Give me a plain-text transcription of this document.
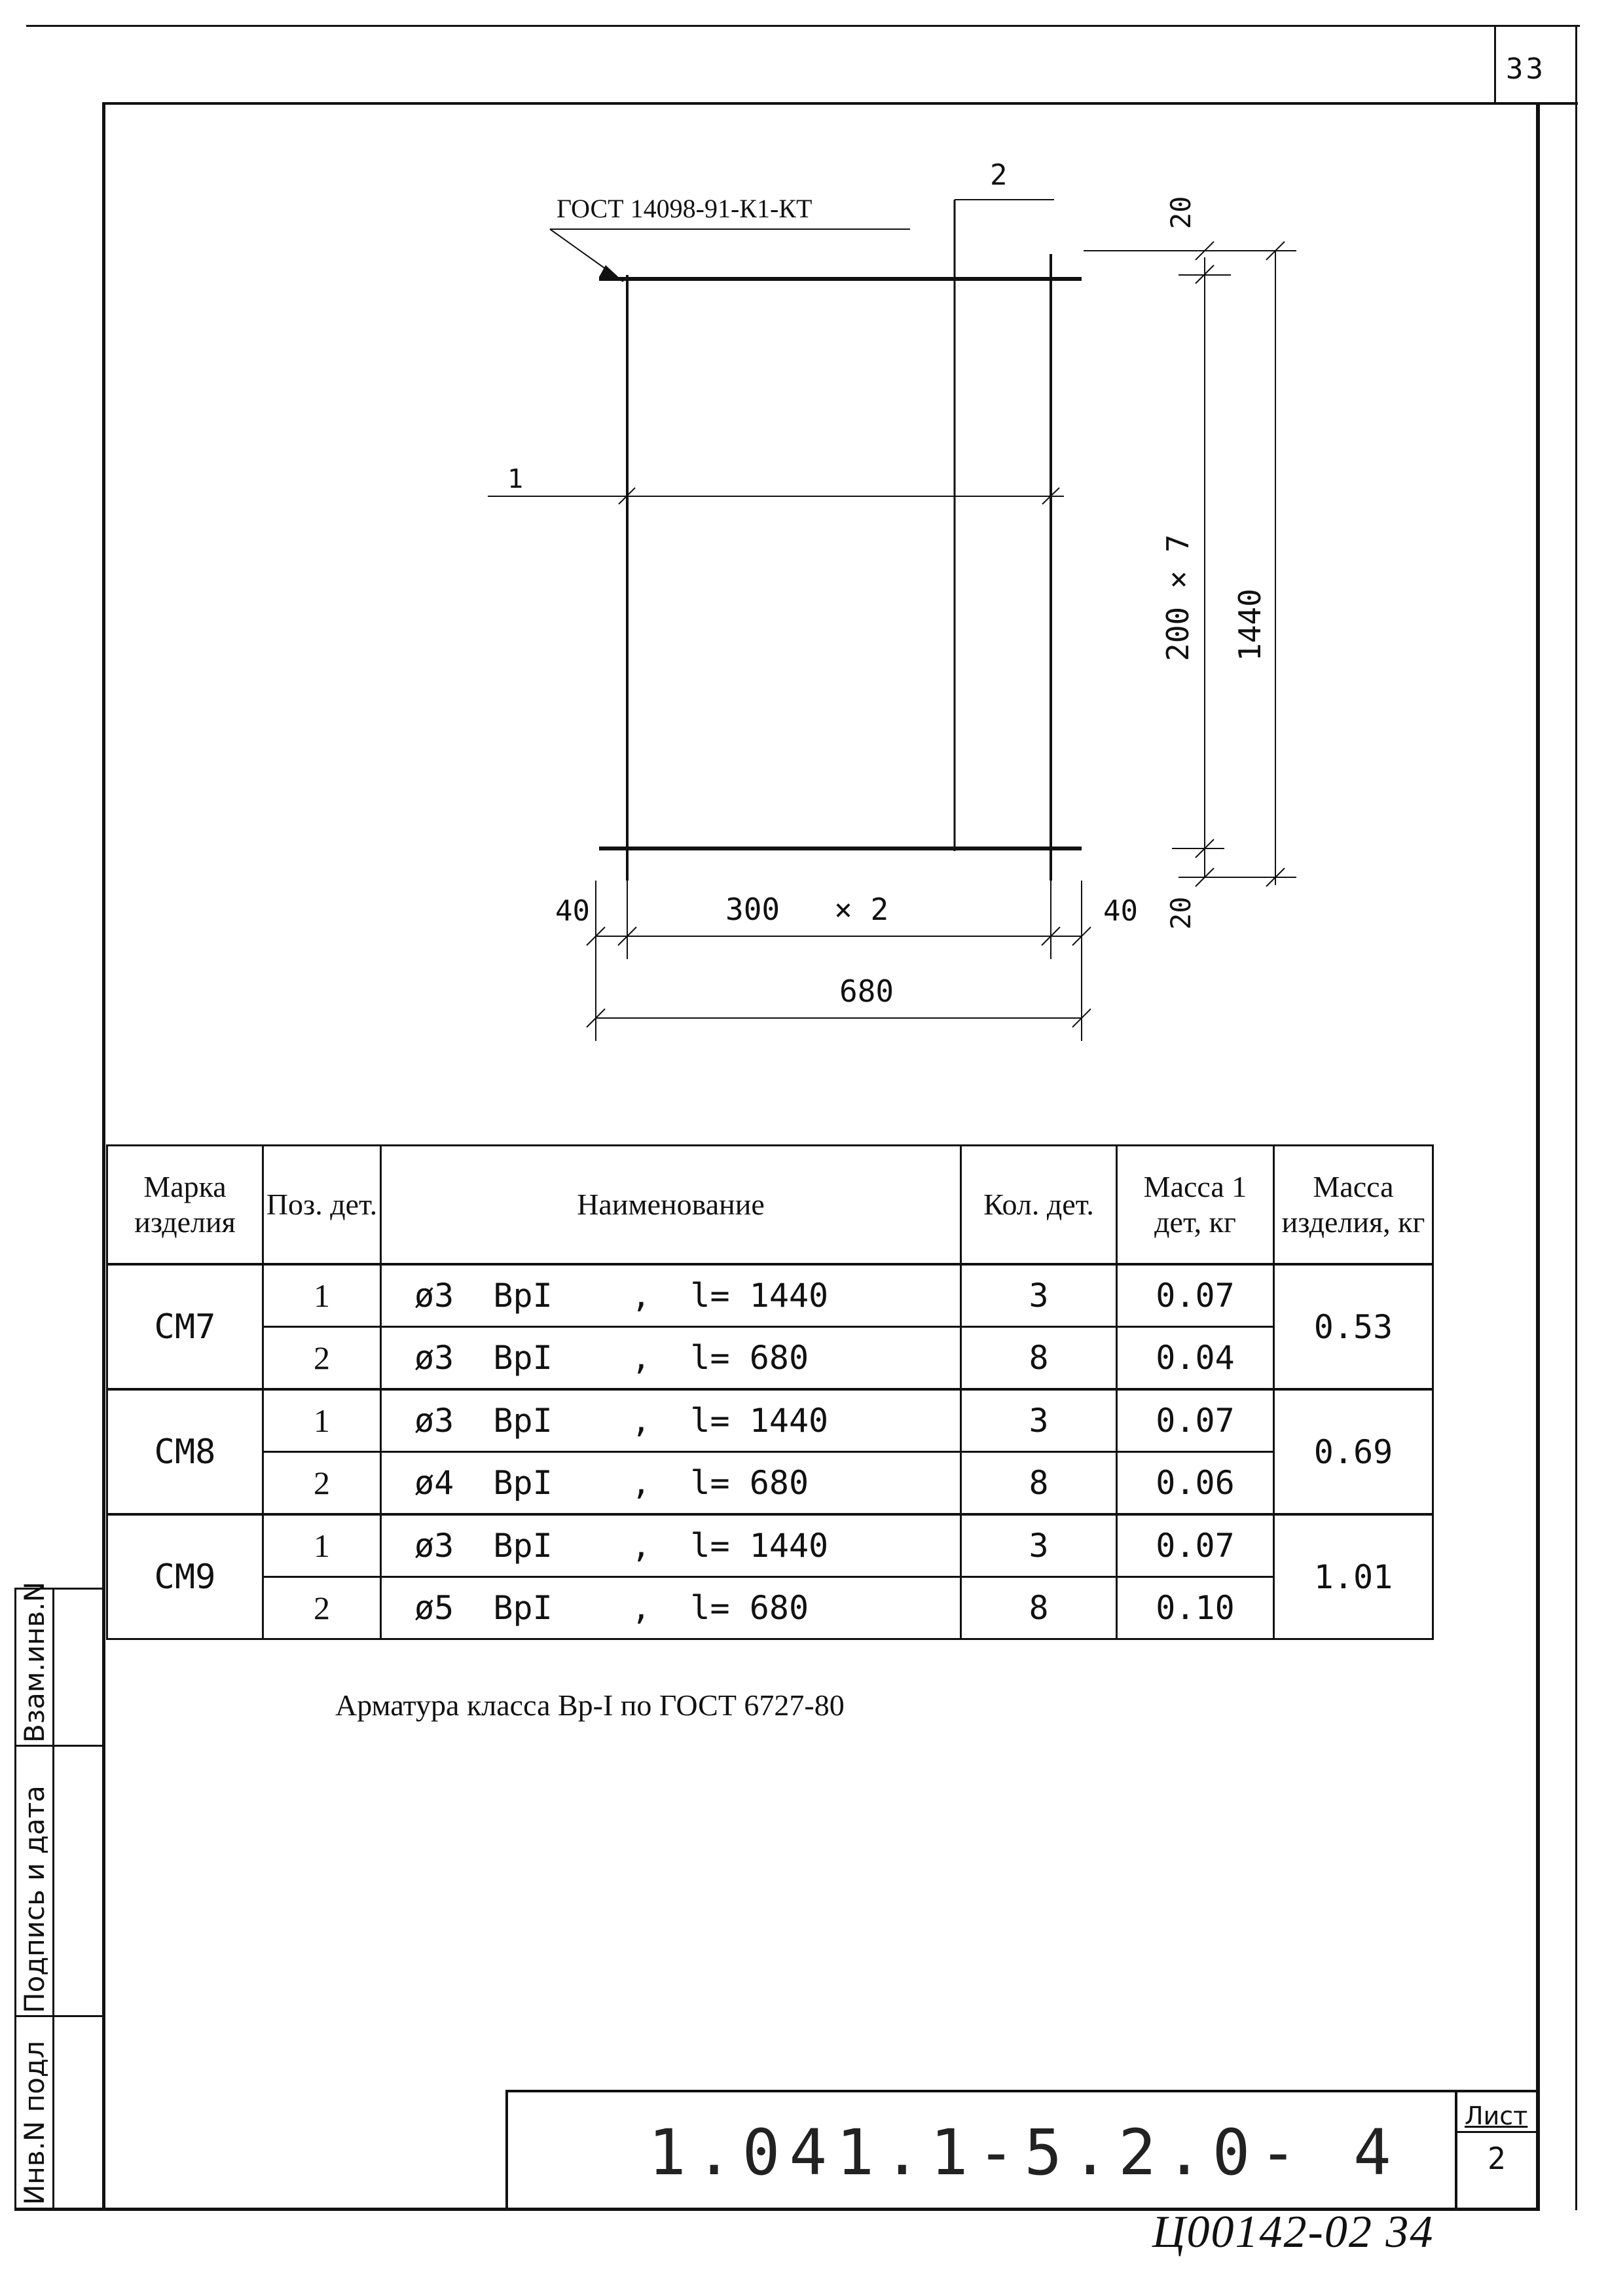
33
ГОСТ 14098-91-К1-КТ
2
1
20
200 × 7 1440
20
40	40
300   × 2
680
Марка изделия	Поз. дет.	Наименование	Кол. дет.	Масса 1 дет, кг	Масса изделия, кг
СМ7	1	ø3  ВрI    ,  l= 1440	3	0.07	0.53
	2	ø3  ВрI    ,  l= 680	8	0.04	
СМ8	1	ø3  ВрI    ,  l= 1440	3	0.07	0.69
	2	ø4  ВрI    ,  l= 680	8	0.06	
СМ9	1	ø3  ВрI    ,  l= 1440	3	0.07	1.01
	2	ø5  ВрI    ,  l= 680	8	0.10	
Арматура класса Вр-I по ГОСТ 6727-80
Инв.N подл
Подпись и дата
Взам.инв.N
1.041.1-5.2.0- 4	Лист
2
Ц00142-02 34
